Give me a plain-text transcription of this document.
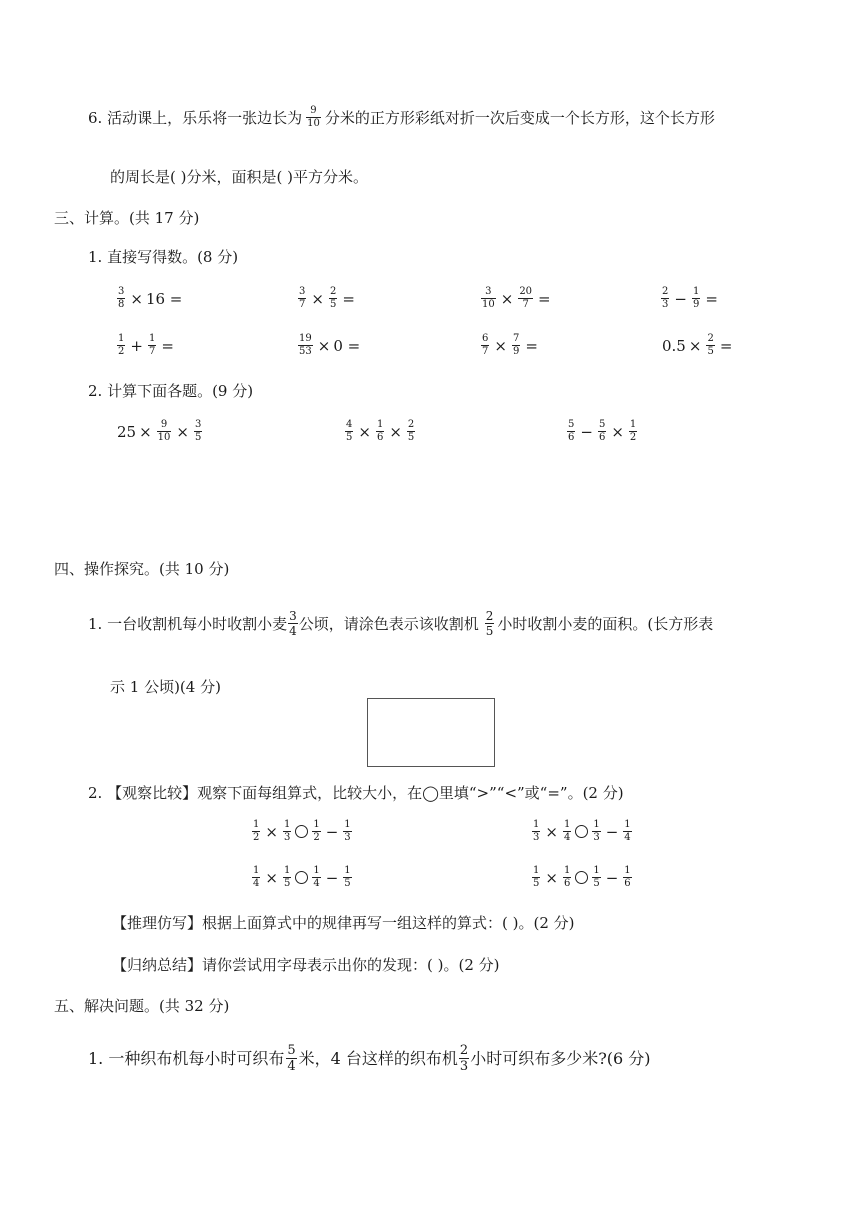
6. 活动课上，乐乐将一张边长为 $\frac{9}{10}$ 分米的正方形彩纸对折一次后变成一个长方形，这个长方形
的周长是( )分米，面积是( )平方分米。
三、计算。(共 17 分)
1. 直接写得数。(8 分)
$\frac{3}{8} \times 16$ =	$\frac{3}{7} \times \frac{2}{5}$ =	$\frac{3}{10} \times \frac{20}{7}$ =	$\frac{2}{3} - \frac{1}{9}$ =
$\frac{1}{2} + \frac{1}{7}$ =	$\frac{19}{53} \times 0$ =	$\frac{6}{7} \times \frac{7}{9}$ =	$0.5 \times \frac{2}{5}$ =
2. 计算下面各题。(9 分)
$25 \times \frac{9}{10} \times \frac{3}{5}$	$\frac{4}{5} \times \frac{1}{6} \times \frac{2}{5}$	$\frac{5}{6} - \frac{5}{6} \times \frac{1}{2}$
四、操作探究。(共 10 分)
1. 一台收割机每小时收割小麦 $\frac{3}{4}$ 公顷，请涂色表示该收割机 $\frac{2}{5}$ 小时收割小麦的面积。(长方形表
示 1 公顷)(4 分)
2. 【观察比较】观察下面每组算式，比较大小，在◯里填“>”“<”或“=”。(2 分)
$\frac{1}{2} \times \frac{1}{3} \frac{1}{2} - \frac{1}{3}$	$\frac{1}{3} \times \frac{1}{4} \frac{1}{3} - \frac{1}{4}$
$\frac{1}{4} \times \frac{1}{5} \frac{1}{4} - \frac{1}{5}$	$\frac{1}{5} \times \frac{1}{6} \frac{1}{5} - \frac{1}{6}$
【推理仿写】根据上面算式中的规律再写一组这样的算式：( )。(2 分)
【归纳总结】请你尝试用字母表示出你的发现：( )。(2 分)
五、解决问题。(共 32 分)
1. 一种织布机每小时可织布 $\frac{5}{4}$ 米，4 台这样的织布机 $\frac{2}{3}$ 小时可织布多少米?(6 分)
